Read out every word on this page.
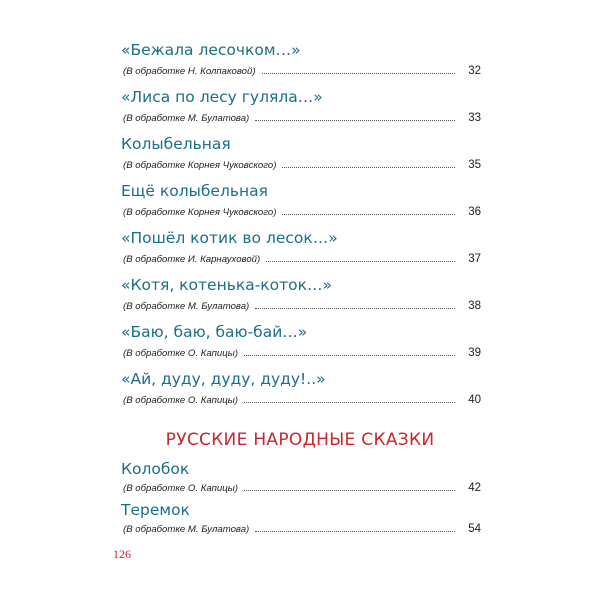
«Бежала лесочком…»
(В обработке Н. Колпаковой)	32
«Лиса по лесу гуляла…»
(В обработке М. Булатова)	33
Колыбельная
(В обработке Корнея Чуковского)	35
Ещё колыбельная
(В обработке Корнея Чуковского)	36
«Пошёл котик во лесок…»
(В обработке И. Карнауховой)	37
«Котя, котенька-коток…»
(В обработке М. Булатова)	38
«Баю, баю, баю-бай…»
(В обработке О. Капицы)	39
«Ай, дуду, дуду, дуду!..»
(В обработке О. Капицы)	40
Колобок
(В обработке О. Капицы)	42
Теремок
(В обработке М. Булатова)	54
РУССКИЕ НАРОДНЫЕ СКАЗКИ
126
